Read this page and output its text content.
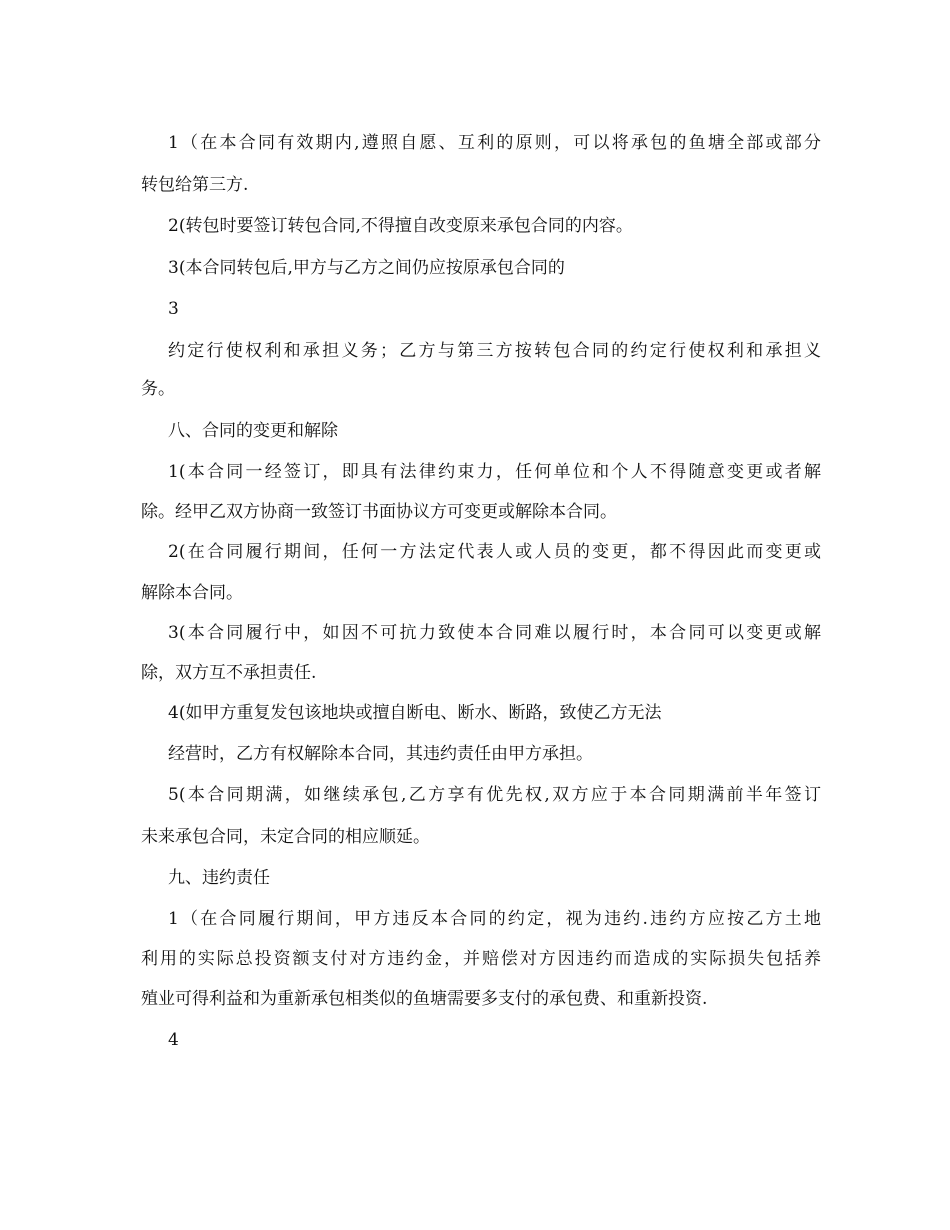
1（在本合同有效期内,遵照自愿、互利的原则，可以将承包的鱼塘全部或部分
转包给第三方.
2(转包时要签订转包合同,不得擅自改变原来承包合同的内容。
3(本合同转包后,甲方与乙方之间仍应按原承包合同的
3
约定行使权利和承担义务；乙方与第三方按转包合同的约定行使权利和承担义
务。
八、合同的变更和解除
1(本合同一经签订，即具有法律约束力，任何单位和个人不得随意变更或者解
除。经甲乙双方协商一致签订书面协议方可变更或解除本合同。
2(在合同履行期间，任何一方法定代表人或人员的变更，都不得因此而变更或
解除本合同。
3(本合同履行中，如因不可抗力致使本合同难以履行时，本合同可以变更或解
除，双方互不承担责任.
4(如甲方重复发包该地块或擅自断电、断水、断路，致使乙方无法
经营时，乙方有权解除本合同，其违约责任由甲方承担。
5(本合同期满，如继续承包,乙方享有优先权,双方应于本合同期满前半年签订
未来承包合同，未定合同的相应顺延。
九、违约责任
1（在合同履行期间，甲方违反本合同的约定，视为违约.违约方应按乙方土地
利用的实际总投资额支付对方违约金，并赔偿对方因违约而造成的实际损失包括养
殖业可得利益和为重新承包相类似的鱼塘需要多支付的承包费、和重新投资.
4
